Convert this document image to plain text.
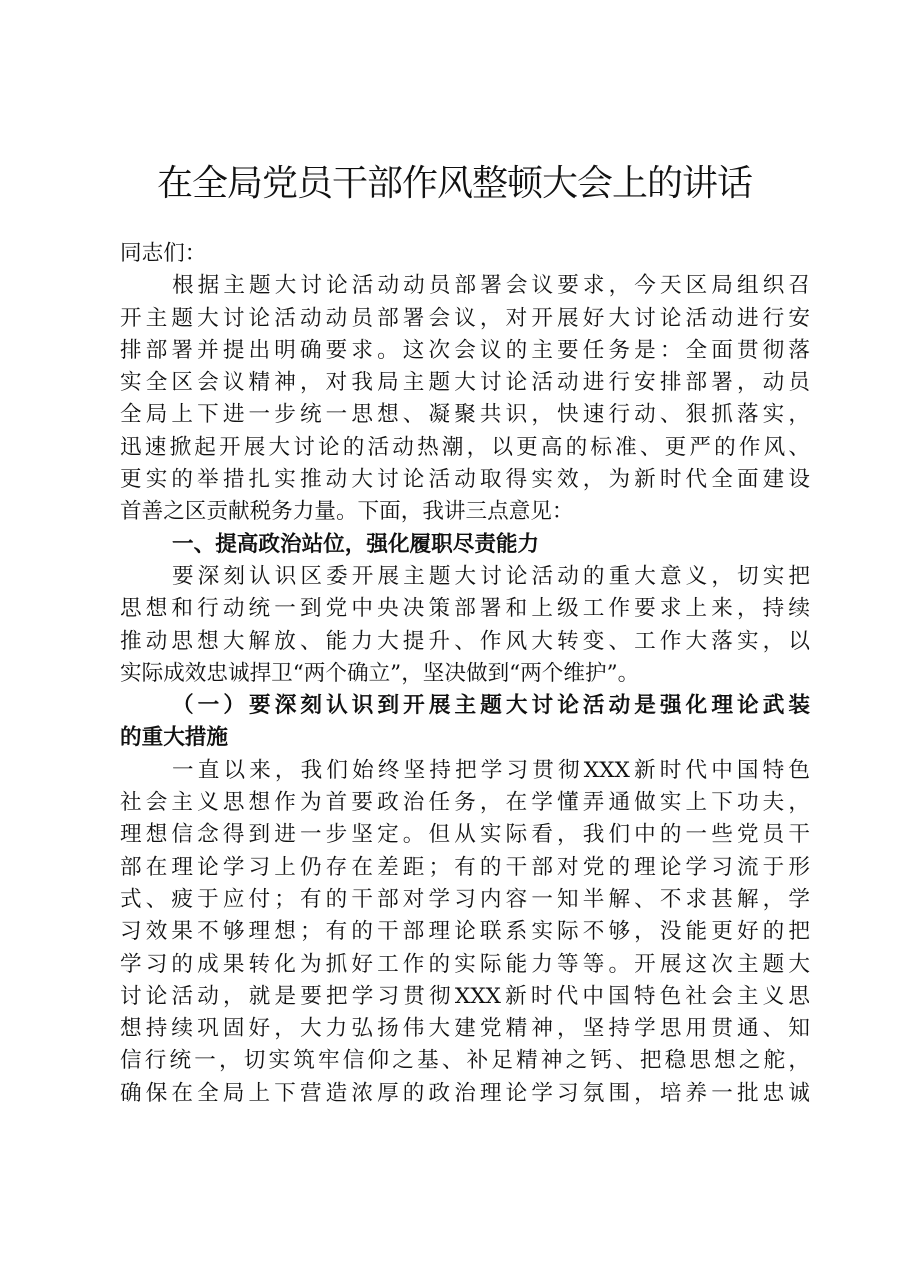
在全局党员干部作风整顿大会上的讲话
同志们：
根据主题大讨论活动动员部署会议要求，今天区局组织召
开主题大讨论活动动员部署会议，对开展好大讨论活动进行安
排部署并提出明确要求。这次会议的主要任务是：全面贯彻落
实全区会议精神，对我局主题大讨论活动进行安排部署，动员
全局上下进一步统一思想、凝聚共识，快速行动、狠抓落实，
迅速掀起开展大讨论的活动热潮，以更高的标准、更严的作风、
更实的举措扎实推动大讨论活动取得实效，为新时代全面建设
首善之区贡献税务力量。下面，我讲三点意见：
一、提高政治站位，强化履职尽责能力
要深刻认识区委开展主题大讨论活动的重大意义，切实把
思想和行动统一到党中央决策部署和上级工作要求上来，持续
推动思想大解放、能力大提升、作风大转变、工作大落实，以
实际成效忠诚捍卫“两个确立”，坚决做到“两个维护”。
（一）要深刻认识到开展主题大讨论活动是强化理论武装
的重大措施
一直以来，我们始终坚持把学习贯彻XXX新时代中国特色
社会主义思想作为首要政治任务，在学懂弄通做实上下功夫，
理想信念得到进一步坚定。但从实际看，我们中的一些党员干
部在理论学习上仍存在差距；有的干部对党的理论学习流于形
式、疲于应付；有的干部对学习内容一知半解、不求甚解，学
习效果不够理想；有的干部理论联系实际不够，没能更好的把
学习的成果转化为抓好工作的实际能力等等。开展这次主题大
讨论活动，就是要把学习贯彻XXX新时代中国特色社会主义思
想持续巩固好，大力弘扬伟大建党精神，坚持学思用贯通、知
信行统一，切实筑牢信仰之基、补足精神之钙、把稳思想之舵，
确保在全局上下营造浓厚的政治理论学习氛围，培养一批忠诚
